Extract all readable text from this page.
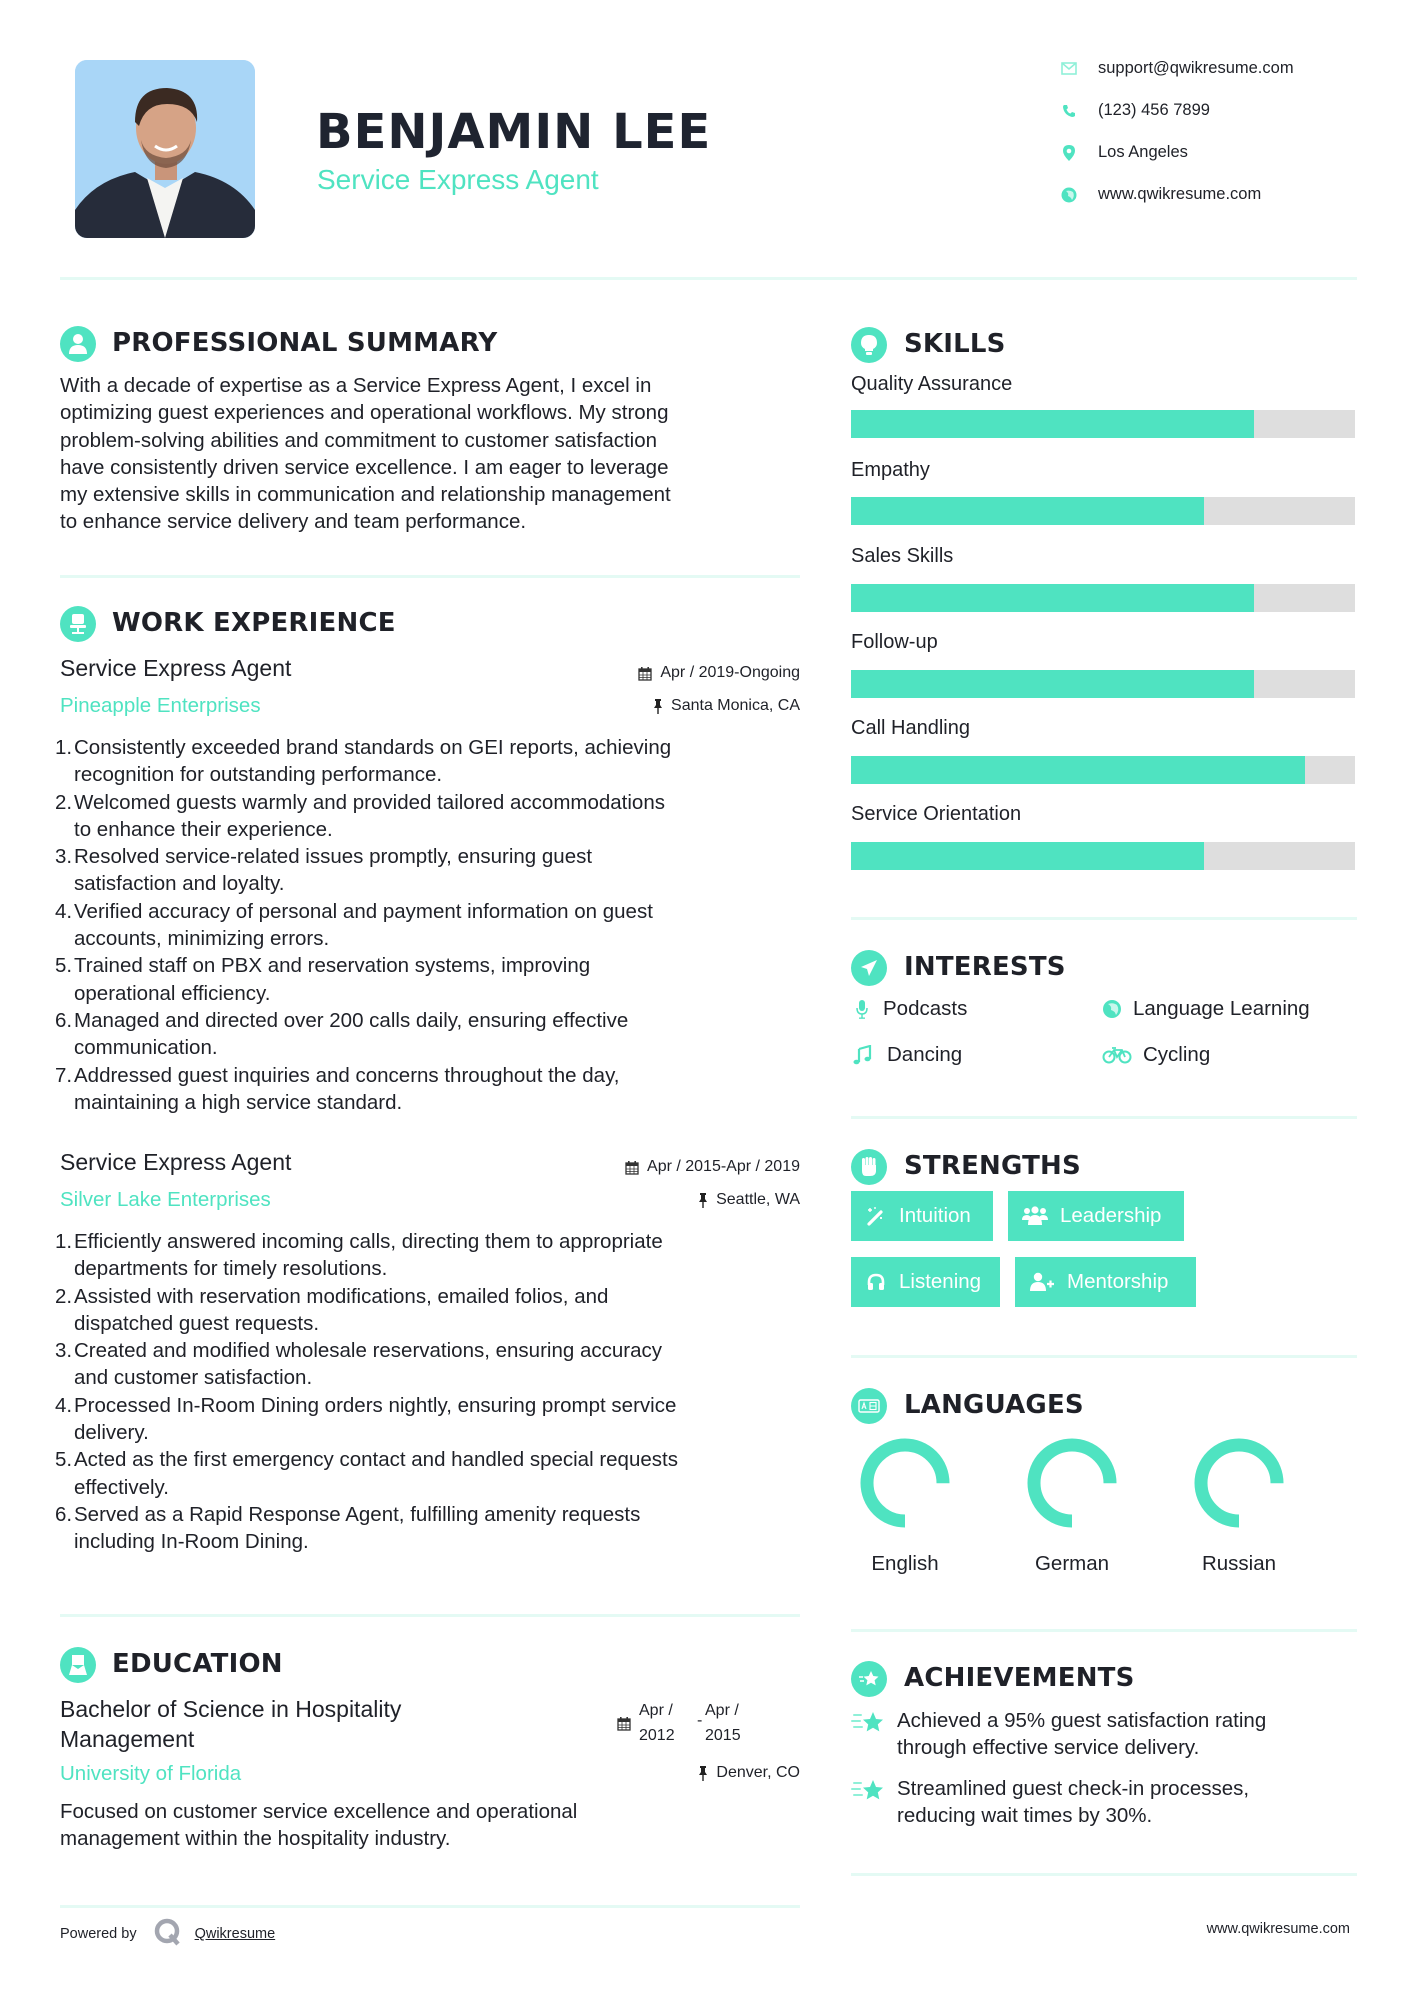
BENJAMIN LEE
Service Express Agent
support@qwikresume.com
(123) 456 7899
Los Angeles
www.qwikresume.com
PROFESSIONAL SUMMARY
With a decade of expertise as a Service Express Agent, I excel in
optimizing guest experiences and operational workflows. My strong
problem-solving abilities and commitment to customer satisfaction
have consistently driven service excellence. I am eager to leverage
my extensive skills in communication and relationship management
to enhance service delivery and team performance.
WORK EXPERIENCE
Service Express Agent
Pineapple Enterprises
Apr / 2019-Ongoing
Santa Monica, CA
1. Consistently exceeded brand standards on GEI reports, achieving
recognition for outstanding performance.
2. Welcomed guests warmly and provided tailored accommodations
to enhance their experience.
3. Resolved service-related issues promptly, ensuring guest
satisfaction and loyalty.
4. Verified accuracy of personal and payment information on guest
accounts, minimizing errors.
5. Trained staff on PBX and reservation systems, improving
operational efficiency.
6. Managed and directed over 200 calls daily, ensuring effective
communication.
7. Addressed guest inquiries and concerns throughout the day,
maintaining a high service standard.
Service Express Agent
Silver Lake Enterprises
Apr / 2015-Apr / 2019
Seattle, WA
1. Efficiently answered incoming calls, directing them to appropriate
departments for timely resolutions.
2. Assisted with reservation modifications, emailed folios, and
dispatched guest requests.
3. Created and modified wholesale reservations, ensuring accuracy
and customer satisfaction.
4. Processed In-Room Dining orders nightly, ensuring prompt service
delivery.
5. Acted as the first emergency contact and handled special requests
effectively.
6. Served as a Rapid Response Agent, fulfilling amenity requests
including In-Room Dining.
EDUCATION
Bachelor of Science in Hospitality
Management
Apr /
2012
-
Apr /
2015
University of Florida	Denver, CO
Focused on customer service excellence and operational
management within the hospitality industry.
SKILLS
Quality Assurance
Empathy
Sales Skills
Follow-up
Call Handling
Service Orientation
INTERESTS
Podcasts	Language Learning
Dancing	Cycling
STRENGTHS
Intuition	Leadership
Listening	Mentorship
LANGUAGES
English	German	Russian
ACHIEVEMENTS
Achieved a 95% guest satisfaction rating
through effective service delivery.
Streamlined guest check-in processes,
reducing wait times by 30%.
Powered by	Qwikresume	www.qwikresume.com
